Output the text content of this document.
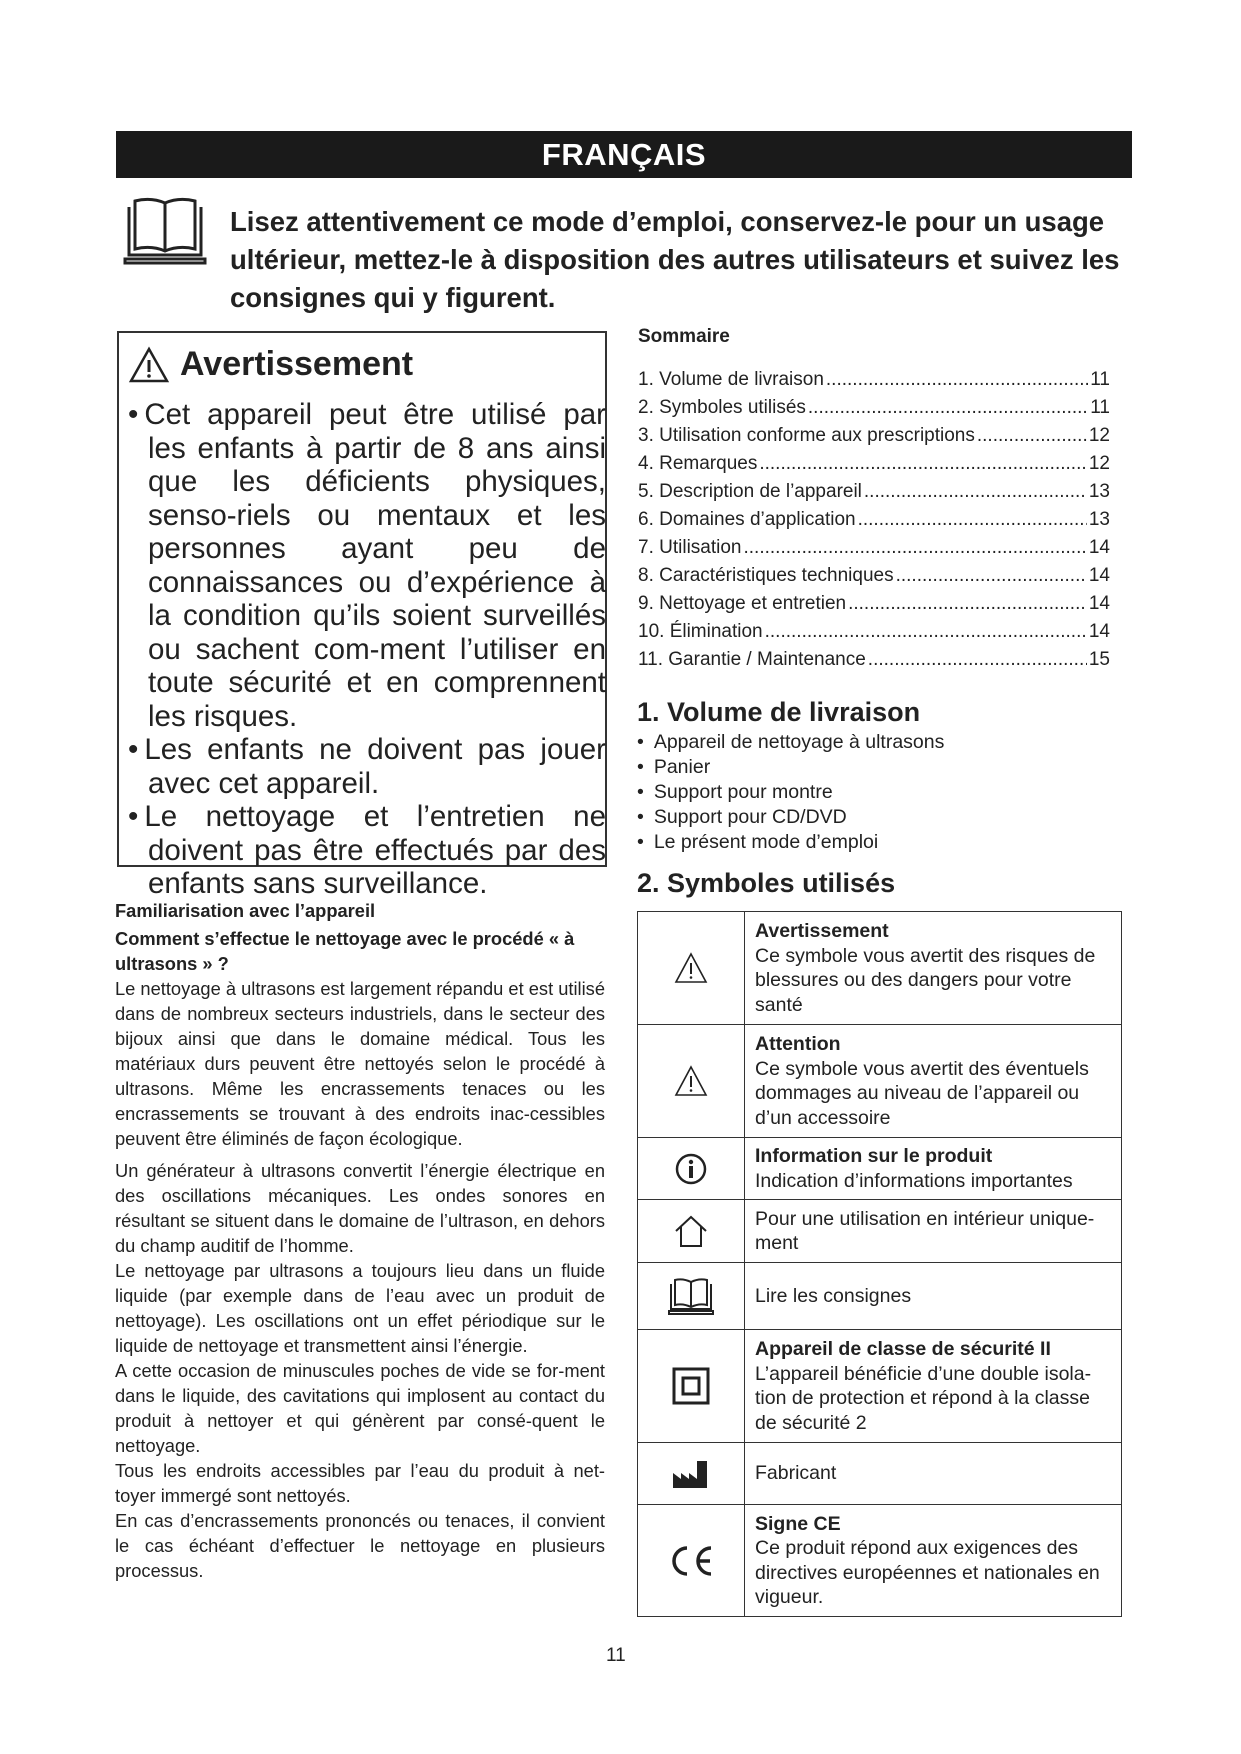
FRANÇAIS
Lisez attentivement ce mode d’emploi, conservez-le pour un usage ultérieur, mettez-le à disposition des autres utilisateurs et suivez les consignes qui y figurent.
Avertissement
• Cet appareil peut être utilisé par les enfants à partir de 8 ans ainsi que les déficients physiques, senso-riels ou mentaux et les personnes ayant peu de connaissances ou d’expérience à la condition qu’ils soient surveillés ou sachent com-ment l’utiliser en toute sécurité et en comprennent les risques.
• Les enfants ne doivent pas jouer avec cet appareil.
• Le nettoyage et l’entretien ne doivent pas être effectués par des enfants sans surveillance.
Familiarisation avec l’appareil
Comment s’effectue le nettoyage avec le procédé « à ultrasons » ?

Le nettoyage à ultrasons est largement répandu et est utilisé dans de nombreux secteurs industriels, dans le secteur des bijoux ainsi que dans le domaine médical. Tous les matériaux durs peuvent être nettoyés selon le procédé à ultrasons. Même les encrassements tenaces ou les encrassements se trouvant à des endroits inac-cessibles peuvent être éliminés de façon écologique.

Un générateur à ultrasons convertit l’énergie électrique en des oscillations mécaniques. Les ondes sonores en résultant se situent dans le domaine de l’ultrason, en dehors du champ auditif de l’homme.

Le nettoyage par ultrasons a toujours lieu dans un fluide liquide (par exemple dans de l’eau avec un produit de nettoyage). Les oscillations ont un effet périodique sur le liquide de nettoyage et transmettent ainsi l’énergie.

A cette occasion de minuscules poches de vide se for-ment dans le liquide, des cavitations qui implosent au contact du produit à nettoyer et qui génèrent par consé-quent le nettoyage.

Tous les endroits accessibles par l’eau du produit à net-toyer immergé sont nettoyés.

En cas d’encrassements prononcés ou tenaces, il convient le cas échéant d’effectuer le nettoyage en plusieurs processus.

Sommaire
1. Volume de livraison .....	11
2. Symboles utilisés .....	11
3. Utilisation conforme aux prescriptions .....	12
4. Remarques .....	12
5. Description de l’appareil .....	13
6. Domaines d’application .....	13
7. Utilisation .....	14
8. Caractéristiques techniques .....	14
9. Nettoyage et entretien .....	14
10. Élimination .....	14
11. Garantie / Maintenance .....	15
1. Volume de livraison
• Appareil de nettoyage à ultrasons
• Panier
• Support pour montre
• Support pour CD/DVD
• Le présent mode d’emploi
2. Symboles utilisés

Avertissement
Ce symbole vous avertit des risques de blessures ou des dangers pour votre santé

Attention
Ce symbole vous avertit des éventuels dommages au niveau de l’appareil ou d’un accessoire

Information sur le produit
Indication d’informations importantes

Pour une utilisation en intérieur unique-ment

Lire les consignes

Appareil de classe de sécurité II
L’appareil bénéficie d’une double isola-tion de protection et répond à la classe de sécurité 2

Fabricant

Signe CE
Ce produit répond aux exigences des directives européennes et nationales en vigueur.
11
